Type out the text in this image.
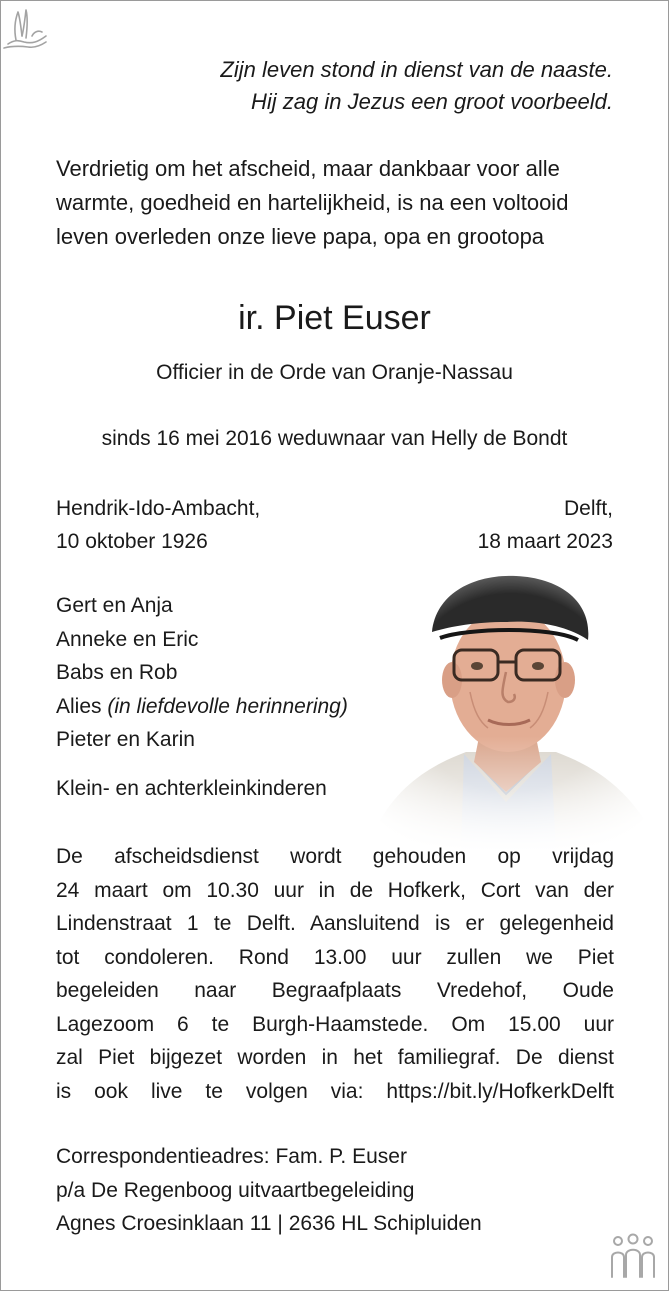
Zijn leven stond in dienst van de naaste.
Hij zag in Jezus een groot voorbeeld.
Verdrietig om het afscheid, maar dankbaar voor alle
warmte, goedheid en hartelijkheid, is na een voltooid
leven overleden onze lieve papa, opa en grootopa
ir. Piet Euser
Officier in de Orde van Oranje-Nassau
sinds 16 mei 2016 weduwnaar van Helly de Bondt
Hendrik-Ido-Ambacht,
10 oktober 1926
Delft,
18 maart 2023
Gert en Anja
Anneke en Eric
Babs en Rob
Alies (in liefdevolle herinnering)
Pieter en Karin
Klein- en achterkleinkinderen
De afscheidsdienst wordt gehouden op vrijdag
24 maart om 10.30 uur in de Hofkerk, Cort van der
Lindenstraat 1 te Delft. Aansluitend is er gelegenheid
tot condoleren. Rond 13.00 uur zullen we Piet
begeleiden naar Begraafplaats Vredehof, Oude
Lagezoom 6 te Burgh-Haamstede. Om 15.00 uur
zal Piet bijgezet worden in het familiegraf. De dienst
is ook live te volgen via: https://bit.ly/HofkerkDelft
Correspondentieadres: Fam. P. Euser
p/a De Regenboog uitvaartbegeleiding
Agnes Croesinklaan 11 | 2636 HL Schipluiden
